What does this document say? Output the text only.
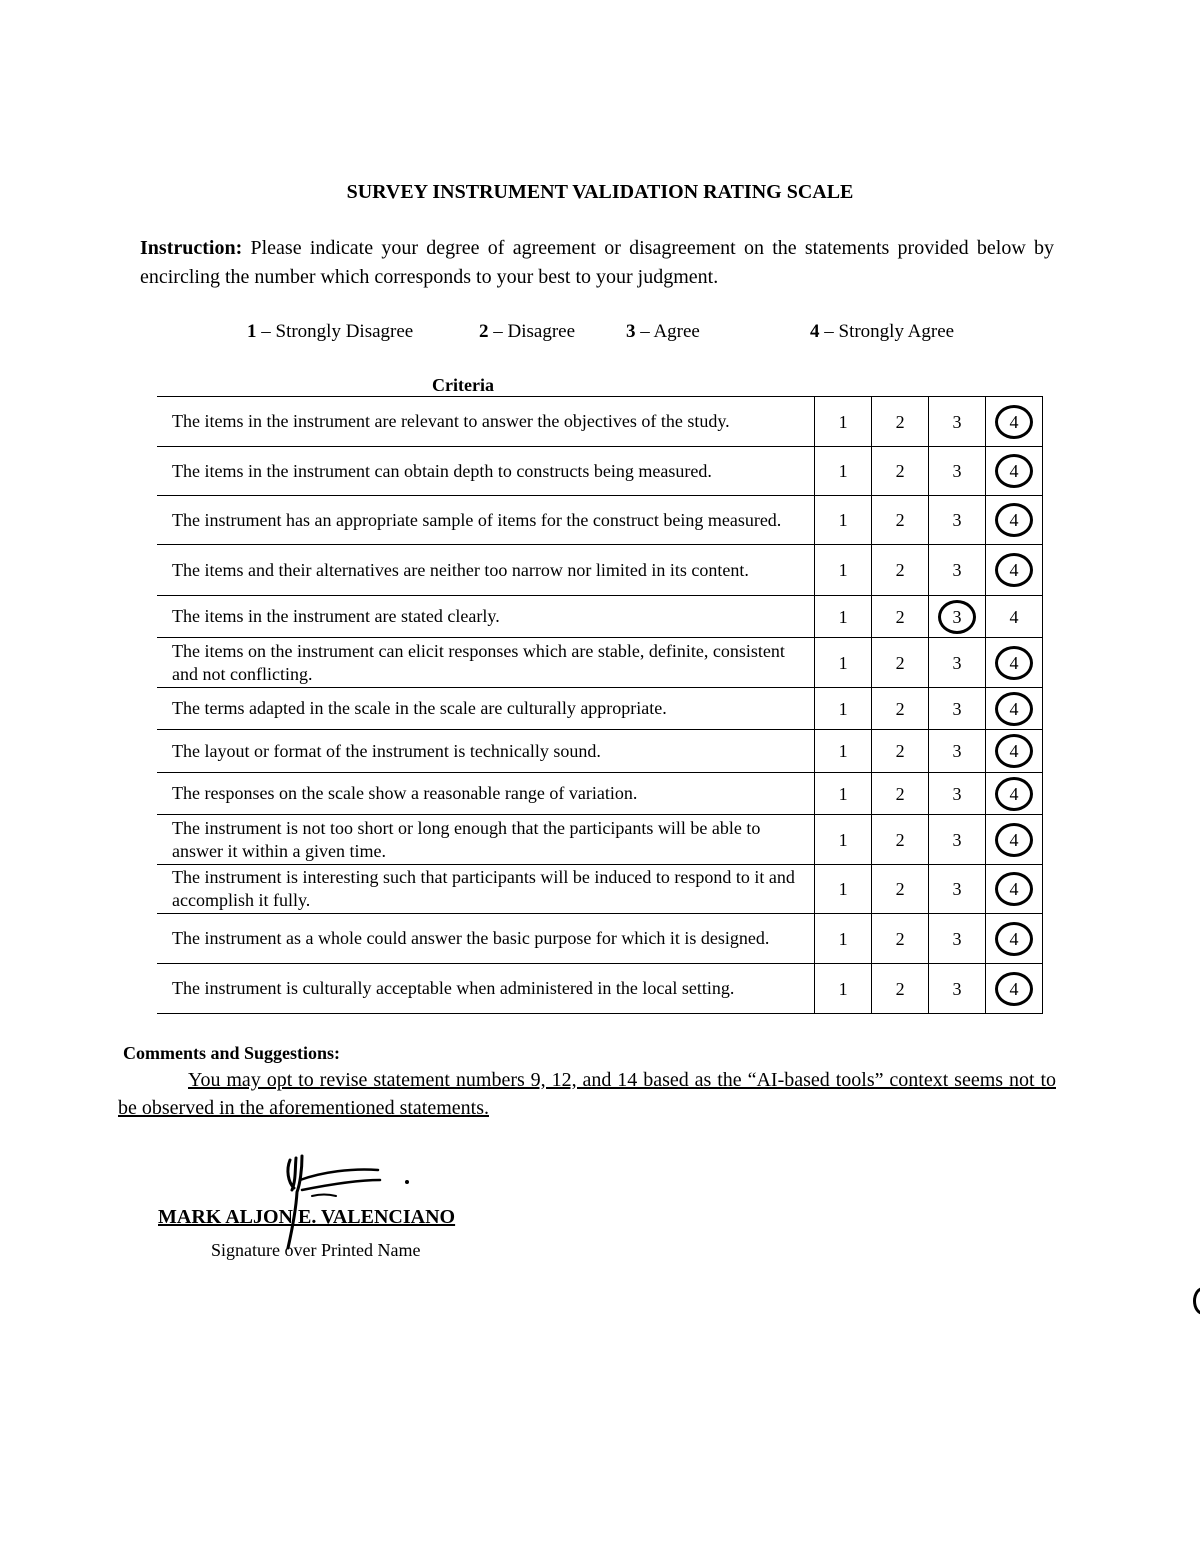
SURVEY INSTRUMENT VALIDATION RATING SCALE
Instruction: Please indicate your degree of agreement or disagreement on the statements provided below by encircling the number which corresponds to your best to your judgment.
1 – Strongly Disagree	2 – Disagree	3 – Agree	4 – Strongly Agree
Criteria
The items in the instrument are relevant to answer the objectives of the study.	1	2	3	4
The items in the instrument can obtain depth to constructs being measured.	1	2	3	4
The instrument has an appropriate sample of items for the construct being measured.	1	2	3	4
The items and their alternatives are neither too narrow nor limited in its content.	1	2	3	4
The items in the instrument are stated clearly.	1	2	3	4
The items on the instrument can elicit responses which are stable, definite, consistent and not conflicting.	1	2	3	4
The terms adapted in the scale in the scale are culturally appropriate.	1	2	3	4
The layout or format of the instrument is technically sound.	1	2	3	4
The responses on the scale show a reasonable range of variation.	1	2	3	4
The instrument is not too short or long enough that the participants will be able to answer it within a given time.	1	2	3	4
The instrument is interesting such that participants will be induced to respond to it and accomplish it fully.	1	2	3	4
The instrument as a whole could answer the basic purpose for which it is designed.	1	2	3	4
The instrument is culturally acceptable when administered in the local setting.	1	2	3	4
Comments and Suggestions:
You may opt to revise statement numbers 9, 12, and 14 based as the “AI-based tools” context seems not to be observed in the aforementioned statements.
MARK ALJON E. VALENCIANO
Signature over Printed Name
